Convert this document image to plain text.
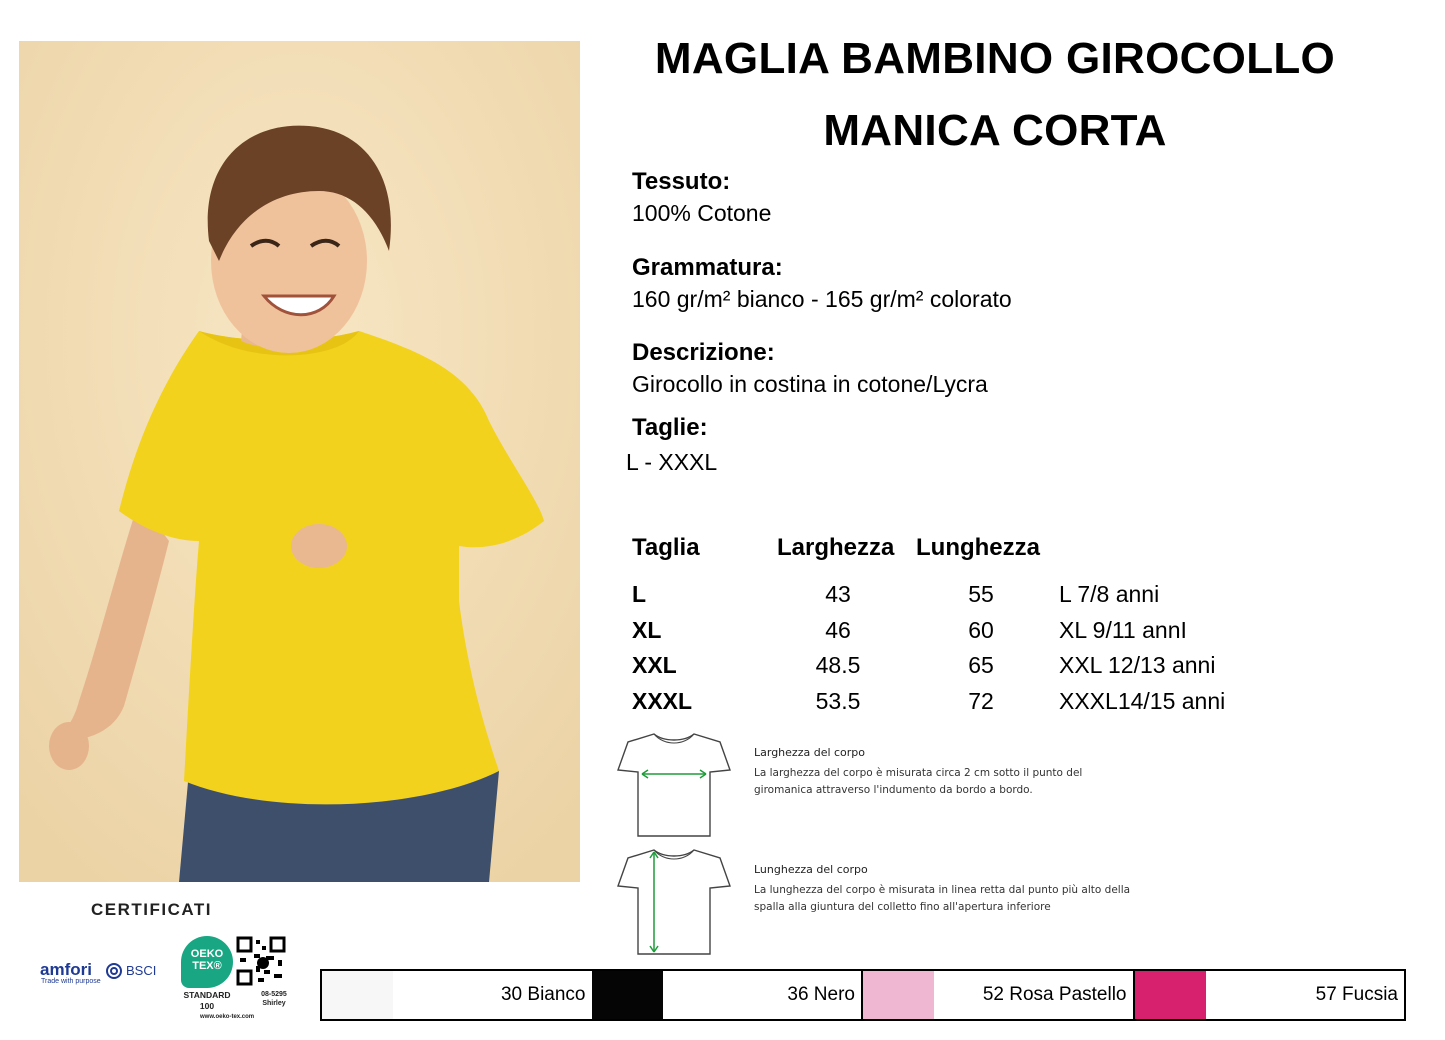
MAGLIA BAMBINO GIROCOLLO
MANICA CORTA
Tessuto:
100% Cotone
Grammatura:
160 gr/m² bianco - 165 gr/m² colorato
Descrizione:
Girocollo in costina in cotone/Lycra
Taglie:
L - XXXL
Taglia	Larghezza Lunghezza
L	43	55	L 7/8 anni
XL	46	60	XL 9/11 annI
XXL	48.5	65	XXL 12/13 anni
XXXL	53.5	72	XXXL14/15 anni
Larghezza del corpo
La larghezza del corpo è misurata circa 2 cm sotto il punto del giromanica attraverso l'indumento da bordo a bordo.
Lunghezza del corpo
La lunghezza del corpo è misurata in linea retta dal punto più alto della spalla alla giuntura del colletto fino all'apertura inferiore
CERTIFICATI
amfori
Trade with purpose
BSCI
OEKO
TEX®
STANDARD 100
08-5295 Shirley
www.oeko-tex.com
30 Bianco	36 Nero	52 Rosa Pastello	57 Fucsia
